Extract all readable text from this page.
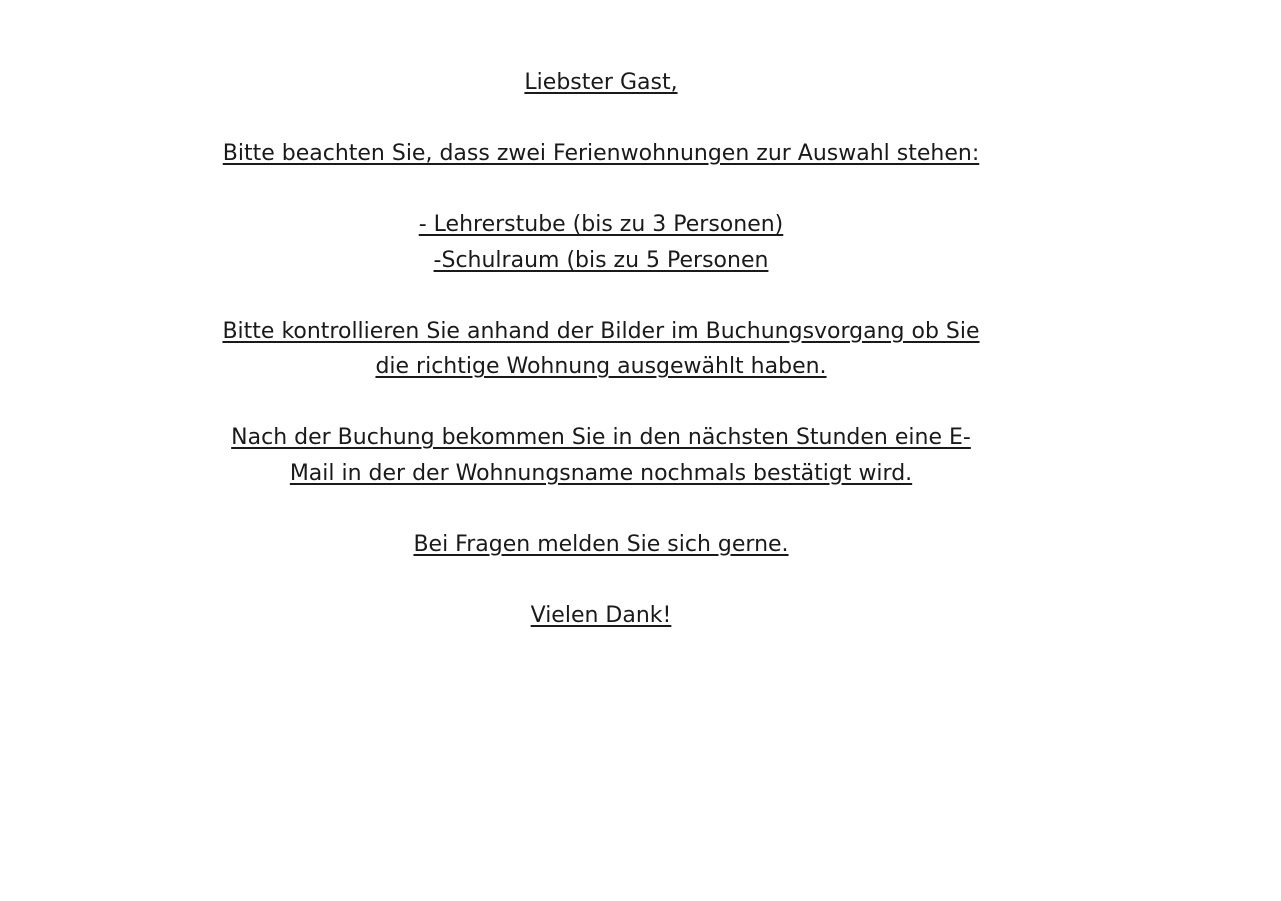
Liebster Gast,
Bitte beachten Sie, dass zwei Ferienwohnungen zur Auswahl stehen:
- Lehrerstube (bis zu 3 Personen)
-Schulraum (bis zu 5 Personen
Bitte kontrollieren Sie anhand der Bilder im Buchungsvorgang ob Sie
die richtige Wohnung ausgewählt haben.
Nach der Buchung bekommen Sie in den nächsten Stunden eine E-
Mail in der der Wohnungsname nochmals bestätigt wird.
Bei Fragen melden Sie sich gerne.
Vielen Dank!
